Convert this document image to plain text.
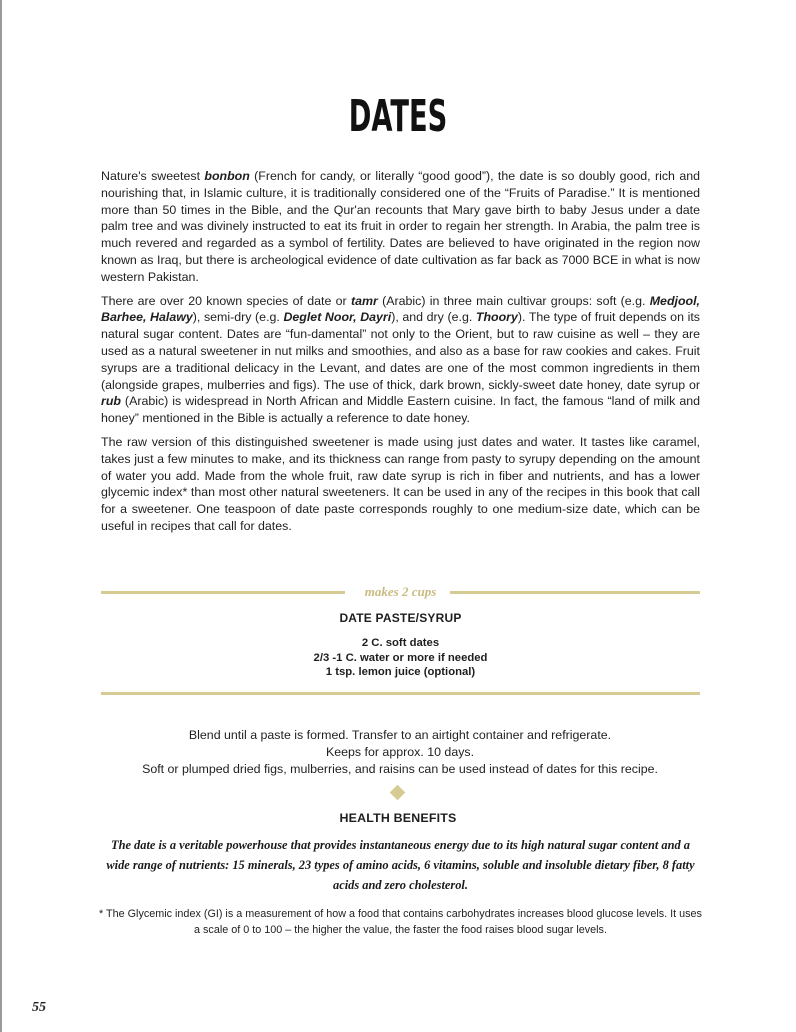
DATES

Nature's sweetest bonbon (French for candy, or literally “good good”), the date is so doubly good, rich and nourishing that, in Islamic culture, it is traditionally considered one of the “Fruits of Paradise.” It is mentioned more than 50 times in the Bible, and the Qur'an recounts that Mary gave birth to baby Jesus under a date palm tree and was divinely instructed to eat its fruit in order to regain her strength. In Arabia, the palm tree is much revered and regarded as a symbol of fertility. Dates are believed to have originated in the region now known as Iraq, but there is archeological evidence of date cultivation as far back as 7000 BCE in what is now western Pakistan.

There are over 20 known species of date or tamr (Arabic) in three main cultivar groups: soft (e.g. Medjool, Barhee, Halawy), semi-dry (e.g. Deglet Noor, Dayri), and dry (e.g. Thoory). The type of fruit depends on its natural sugar content. Dates are “fun-damental” not only to the Orient, but to raw cuisine as well – they are used as a natural sweetener in nut milks and smoothies, and also as a base for raw cookies and cakes. Fruit syrups are a traditional delicacy in the Levant, and dates are one of the most common ingredients in them (alongside grapes, mulberries and figs). The use of thick, dark brown, sickly-sweet date honey, date syrup or rub (Arabic) is widespread in North African and Middle Eastern cuisine. In fact, the famous “land of milk and honey” mentioned in the Bible is actually a reference to date honey.

The raw version of this distinguished sweetener is made using just dates and water. It tastes like caramel, takes just a few minutes to make, and its thickness can range from pasty to syrupy depending on the amount of water you add. Made from the whole fruit, raw date syrup is rich in fiber and nutrients, and has a lower glycemic index* than most other natural sweeteners. It can be used in any of the recipes in this book that call for a sweetener. One teaspoon of date paste corresponds roughly to one medium-size date, which can be useful in recipes that call for dates.

makes 2 cups
DATE PASTE/SYRUP
2 C. soft dates
2/3 -1 C. water or more if needed
1 tsp. lemon juice (optional)

Blend until a paste is formed. Transfer to an airtight container and refrigerate.

Keeps for approx. 10 days.

Soft or plumped dried figs, mulberries, and raisins can be used instead of dates for this recipe.

HEALTH BENEFITS

The date is a veritable powerhouse that provides instantaneous energy due to its high natural sugar content and a wide range of nutrients: 15 minerals, 23 types of amino acids, 6 vitamins, soluble and insoluble dietary fiber, 8 fatty acids and zero cholesterol.

* The Glycemic index (GI) is a measurement of how a food that contains carbohydrates increases blood glucose levels. It uses a scale of 0 to 100 – the higher the value, the faster the food raises blood sugar levels.

55
